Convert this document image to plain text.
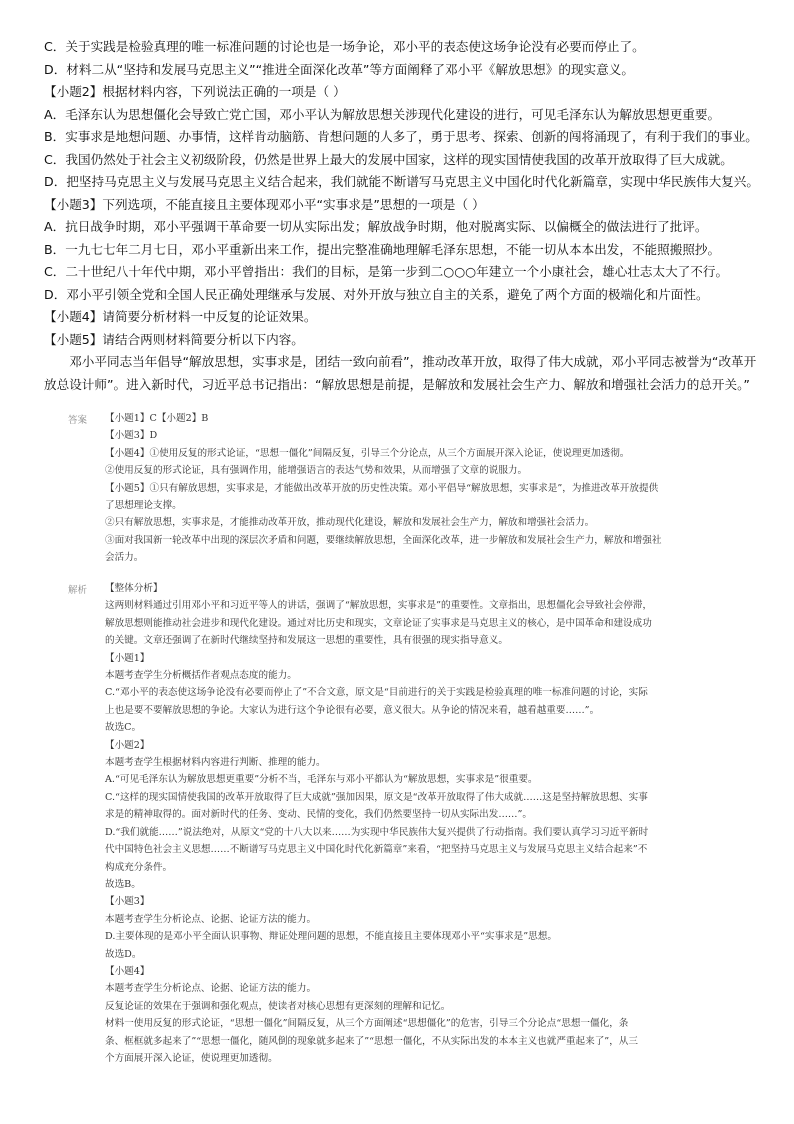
C．关于实践是检验真理的唯一标准问题的讨论也是一场争论，邓小平的表态使这场争论没有必要而停止了。
D．材料二从“坚持和发展马克思主义”“推进全面深化改革”等方面阐释了邓小平《解放思想》的现实意义。
【小题2】根据材料内容，下列说法正确的一项是（ ）
A．毛泽东认为思想僵化会导致亡党亡国，邓小平认为解放思想关涉现代化建设的进行，可见毛泽东认为解放思想更重要。
B．实事求是地想问题、办事情，这样肯动脑筋、肯想问题的人多了，勇于思考、探索、创新的闯将涌现了，有利于我们的事业。
C．我国仍然处于社会主义初级阶段，仍然是世界上最大的发展中国家，这样的现实国情使我国的改革开放取得了巨大成就。
D．把坚持马克思主义与发展马克思主义结合起来，我们就能不断谱写马克思主义中国化时代化新篇章，实现中华民族伟大复兴。
【小题3】下列选项，不能直接且主要体现邓小平“实事求是”思想的一项是（ ）
A．抗日战争时期，邓小平强调干革命要一切从实际出发；解放战争时期，他对脱离实际、以偏概全的做法进行了批评。
B．一九七七年二月七日，邓小平重新出来工作，提出完整准确地理解毛泽东思想，不能一切从本本出发，不能照搬照抄。
C．二十世纪八十年代中期，邓小平曾指出：我们的目标，是第一步到二○○○年建立一个小康社会，雄心壮志太大了不行。
D．邓小平引领全党和全国人民正确处理继承与发展、对外开放与独立自主的关系，避免了两个方面的极端化和片面性。
【小题4】请简要分析材料一中反复的论证效果。
【小题5】请结合两则材料简要分析以下内容。
　　邓小平同志当年倡导“解放思想，实事求是，团结一致向前看”，推动改革开放，取得了伟大成就，邓小平同志被誉为“改革开放总设计师”。进入新时代，习近平总书记指出：“解放思想是前提，是解放和发展社会生产力、解放和增强社会活力的总开关。”
答案
解析
【小题1】C【小题2】B
【小题3】D
【小题4】①使用反复的形式论证，“思想一僵化”间隔反复，引导三个分论点，从三个方面展开深入论证，使说理更加透彻。
②使用反复的形式论证，具有强调作用，能增强语言的表达气势和效果，从而增强了文章的说服力。
【小题5】①只有解放思想，实事求是，才能做出改革开放的历史性决策。邓小平倡导“解放思想，实事求是”，为推进改革开放提供
了思想理论支撑。
②只有解放思想，实事求是，才能推动改革开放，推动现代化建设，解放和发展社会生产力，解放和增强社会活力。
③面对我国新一轮改革中出现的深层次矛盾和问题，要继续解放思想，全面深化改革，进一步解放和发展社会生产力，解放和增强社
会活力。
【整体分析】
这两则材料通过引用邓小平和习近平等人的讲话，强调了“解放思想，实事求是”的重要性。文章指出，思想僵化会导致社会停滞，
解放思想则能推动社会进步和现代化建设。通过对比历史和现实，文章论证了实事求是马克思主义的核心，是中国革命和建设成功
的关键。文章还强调了在新时代继续坚持和发展这一思想的重要性，具有很强的现实指导意义。
【小题1】
本题考查学生分析概括作者观点态度的能力。
C.“邓小平的表态使这场争论没有必要而停止了”不合文意，原文是“目前进行的关于实践是检验真理的唯一标准问题的讨论，实际
上也是要不要解放思想的争论。大家认为进行这个争论很有必要，意义很大。从争论的情况来看，越看越重要……”。
故选C。
【小题2】
本题考查学生根据材料内容进行判断、推理的能力。
A.“可见毛泽东认为解放思想更重要”分析不当，毛泽东与邓小平都认为“解放思想，实事求是”很重要。
C.“这样的现实国情使我国的改革开放取得了巨大成就”强加因果，原文是“改革开放取得了伟大成就……这是坚持解放思想、实事
求是的精神取得的。面对新时代的任务、变动、民情的变化，我们仍然要坚持一切从实际出发……”。
D.“我们就能……”说法绝对，从原文“党的十八大以来……为实现中华民族伟大复兴提供了行动指南。我们要认真学习习近平新时
代中国特色社会主义思想……不断谱写马克思主义中国化时代化新篇章”来看，“把坚持马克思主义与发展马克思主义结合起来”不
构成充分条件。
故选B。
【小题3】
本题考查学生分析论点、论据、论证方法的能力。
D.主要体现的是邓小平全面认识事物、辩证处理问题的思想，不能直接且主要体现邓小平“实事求是”思想。
故选D。
【小题4】
本题考查学生分析论点、论据、论证方法的能力。
反复论证的效果在于强调和强化观点，使读者对核心思想有更深刻的理解和记忆。
材料一使用反复的形式论证，“思想一僵化”间隔反复，从三个方面阐述“思想僵化”的危害，引导三个分论点“思想一僵化，条
条、框框就多起来了”“思想一僵化，随风倒的现象就多起来了”“思想一僵化，不从实际出发的本本主义也就严重起来了”，从三
个方面展开深入论证，使说理更加透彻。
